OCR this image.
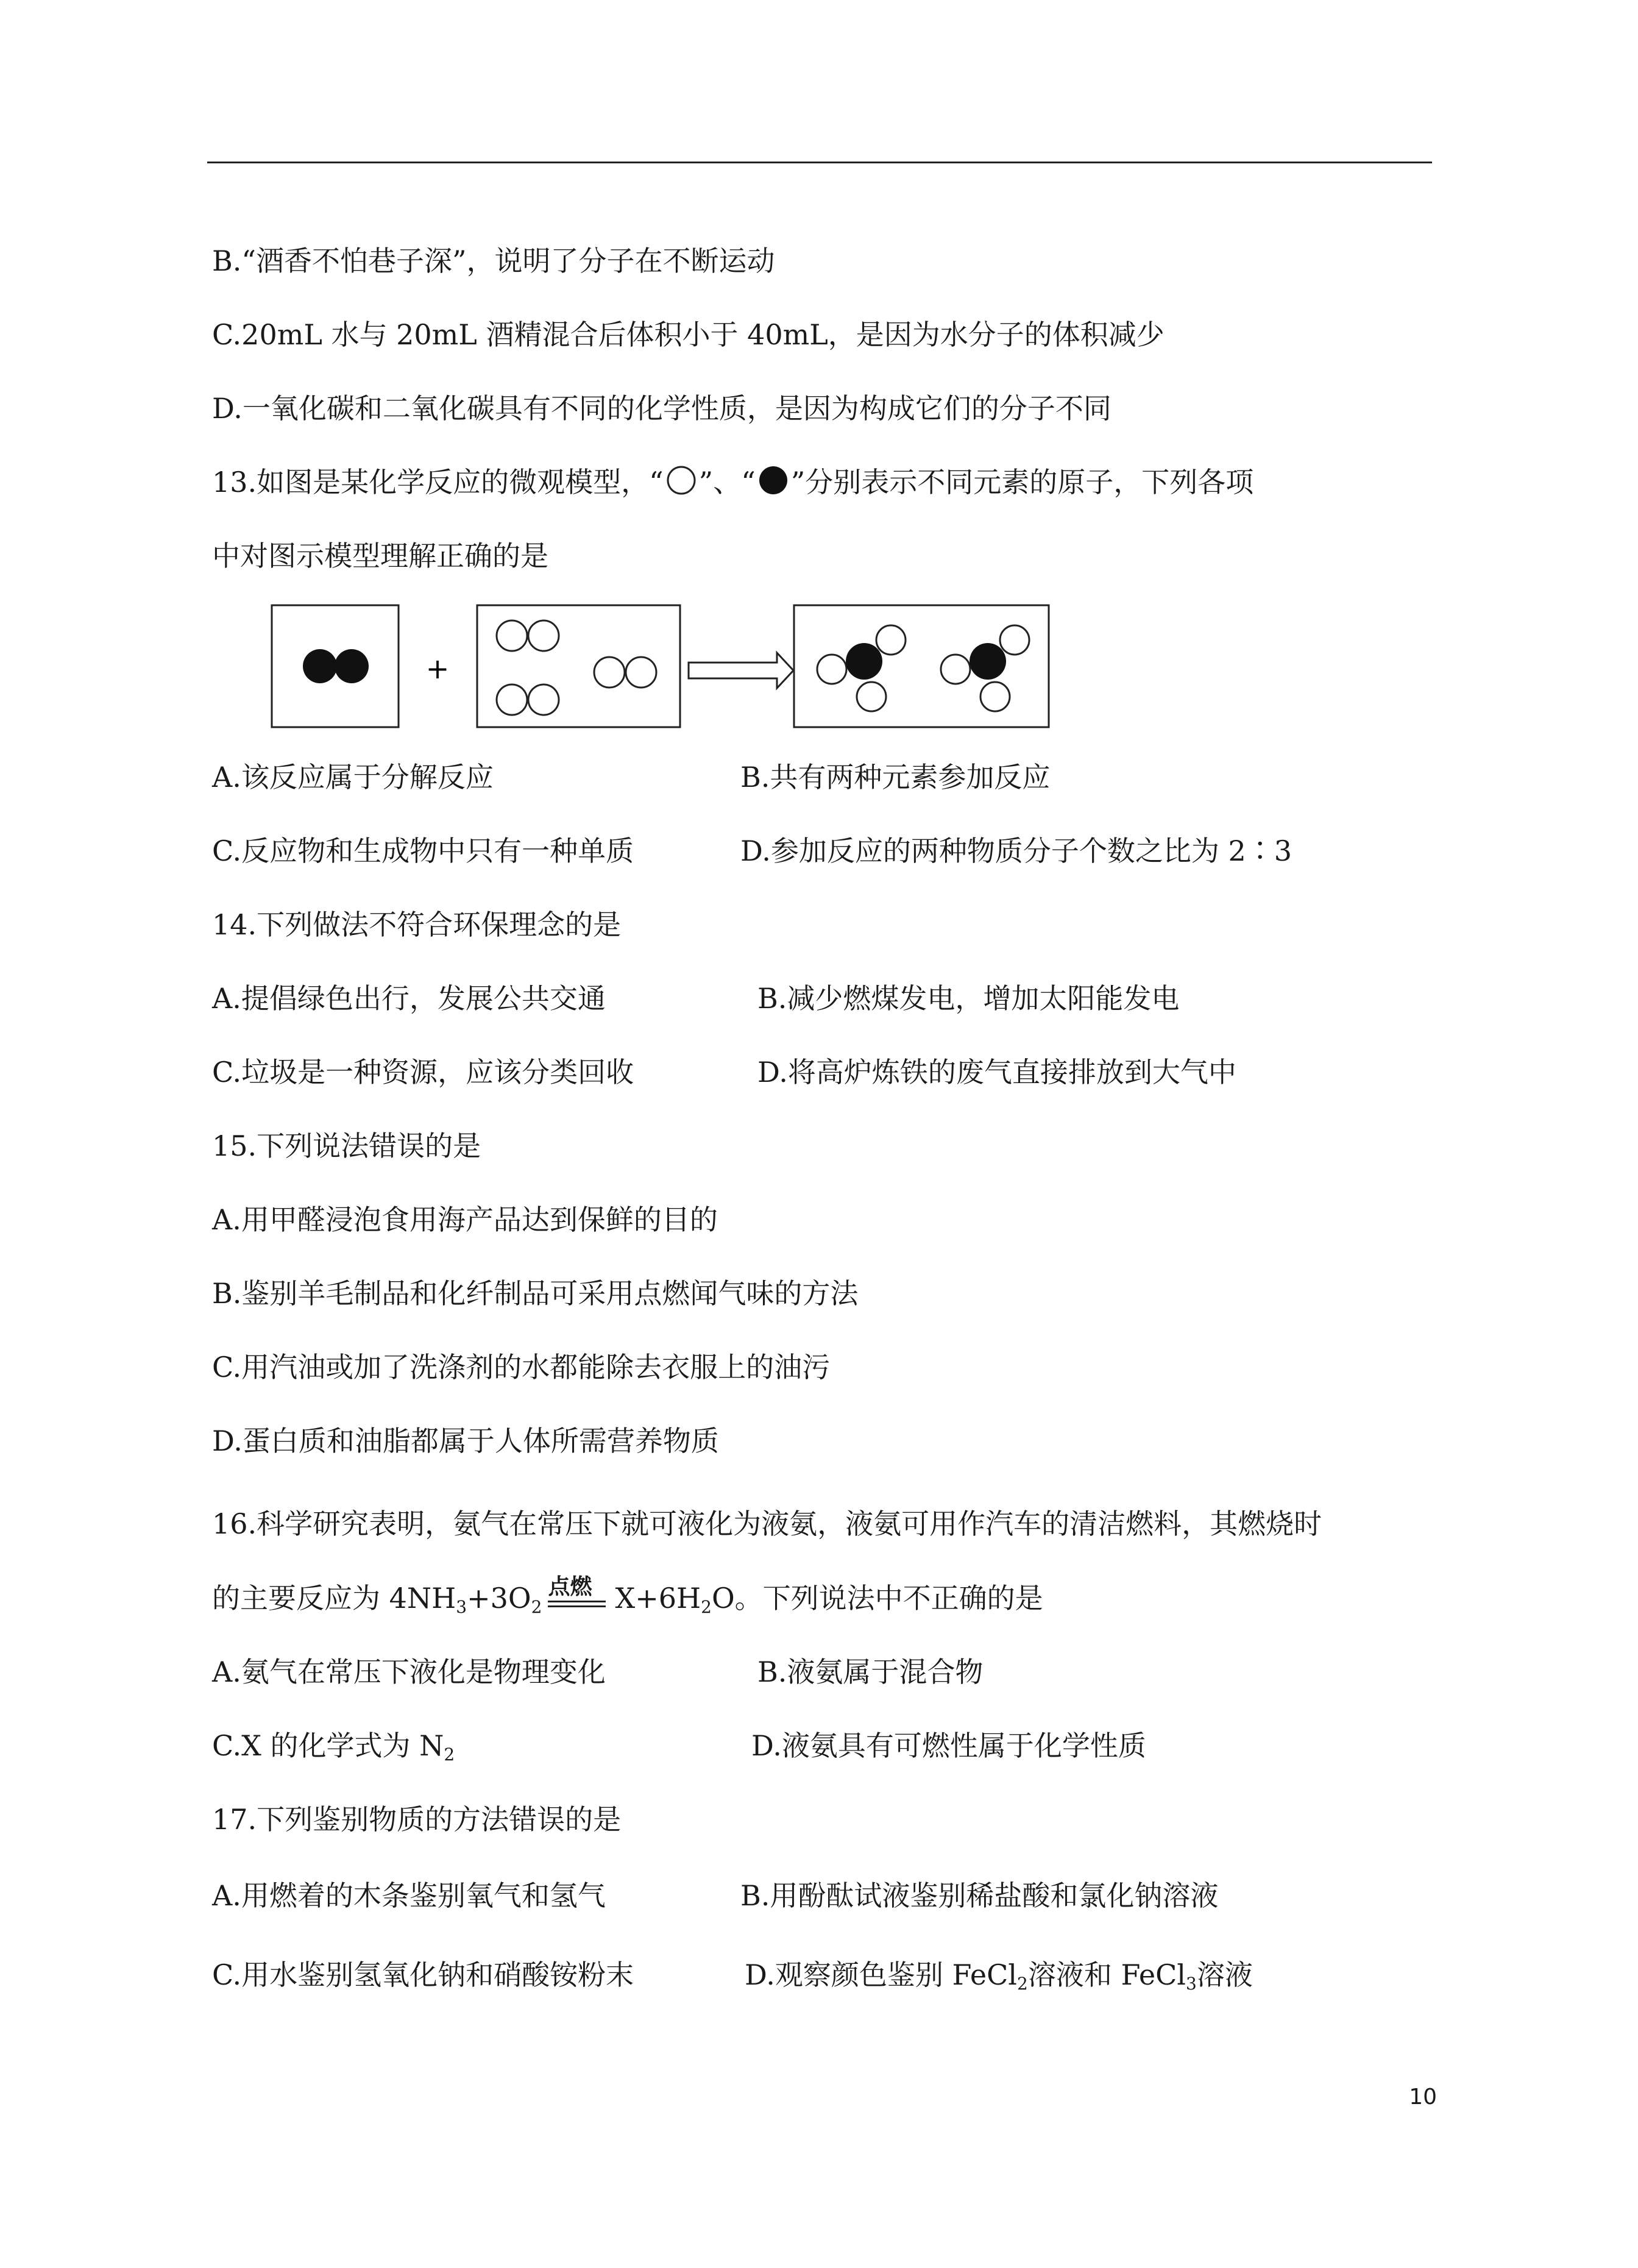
B.“酒香不怕巷子深”，说明了分子在不断运动
C.20mL 水与 20mL 酒精混合后体积小于 40mL，是因为水分子的体积减少
D.一氧化碳和二氧化碳具有不同的化学性质，是因为构成它们的分子不同
13.如图是某化学反应的微观模型，“ ”、“ ”分别表示不同元素的原子，下列各项
中对图示模型理解正确的是
+
A.该反应属于分解反应	B.共有两种元素参加反应
C.反应物和生成物中只有一种单质	D.参加反应的两种物质分子个数之比为 2∶3
14.下列做法不符合环保理念的是
A.提倡绿色出行，发展公共交通	B.减少燃煤发电，增加太阳能发电
C.垃圾是一种资源，应该分类回收	D.将高炉炼铁的废气直接排放到大气中
15.下列说法错误的是
A.用甲醛浸泡食用海产品达到保鲜的目的
B.鉴别羊毛制品和化纤制品可采用点燃闻气味的方法
C.用汽油或加了洗涤剂的水都能除去衣服上的油污
D.蛋白质和油脂都属于人体所需营养物质
16.科学研究表明，氨气在常压下就可液化为液氨，液氨可用作汽车的清洁燃料，其燃烧时
的主要反应为 $4NH_3+3O_2$
点燃 $X+6H_2O$。下列说法中不正确的是
A.氨气在常压下液化是物理变化	B.液氨属于混合物
C.X 的化学式为 $N_2$	D.液氨具有可燃性属于化学性质
17.下列鉴别物质的方法错误的是
A.用燃着的木条鉴别氧气和氢气	B.用酚酞试液鉴别稀盐酸和氯化钠溶液
C.用水鉴别氢氧化钠和硝酸铵粉末	D.观察颜色鉴别 FeCl$_2$溶液和 FeCl$_3$溶液
10
